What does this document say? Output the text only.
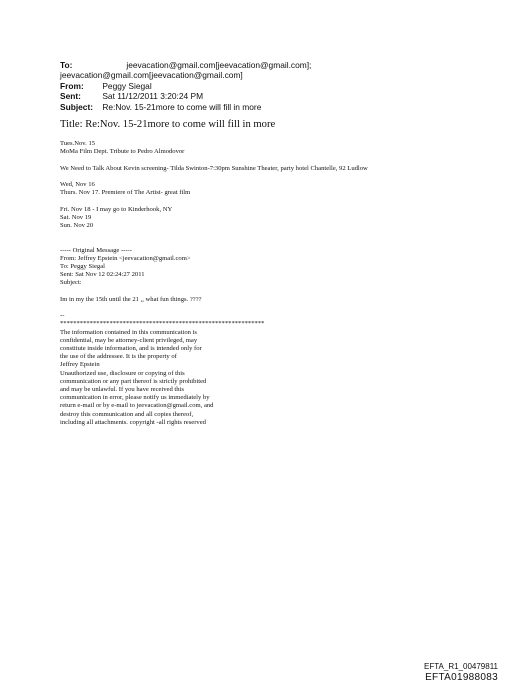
To:	jeevacation@gmail.com[jeevacation@gmail.com];
jeevacation@gmail.com[jeevacation@gmail.com]
From: Peggy Siegal
Sent:	Sat 11/12/2011 3:20:24 PM
Subject: Re:Nov. 15-21more to come will fill in more
Title: Re:Nov. 15-21more to come will fill in more
Tues.Nov. 15
MoMa Film Dept. Tribute to Pedro Almodovor
We Need to Talk About Kevin screening- Tilda Swinton-7:30pm Sunshine Theater, party hotel Chantelle, 92 Ludlow
Wed, Nov 16
Thurs. Nov 17. Premiere of The Artist- great film
Fri. Nov 18 - I may go to Kinderhook, NY
Sat. Nov 19
Sun. Nov 20
----- Original Message -----
From: Jeffrey Epstein <jeevacation@gmail.com>
To: Peggy Siegal
Sent: Sat Nov 12 02:24:27 2011
Subject:
Im in my the 15th until the 21 ,, what fun things. ????
--
**************************************************************
The information contained in this communication is
confidential, may be attorney-client privileged, may
constitute inside information, and is intended only for
the use of the addressee. It is the property of
Jeffrey Epstein
Unauthorized use, disclosure or copying of this
communication or any part thereof is strictly prohibited
and may be unlawful. If you have received this
communication in error, please notify us immediately by
return e-mail or by e-mail to jeevacation@gmail.com, and
destroy this communication and all copies thereof,
including all attachments. copyright -all rights reserved
EFTA_R1_00479811
EFTA01988083
